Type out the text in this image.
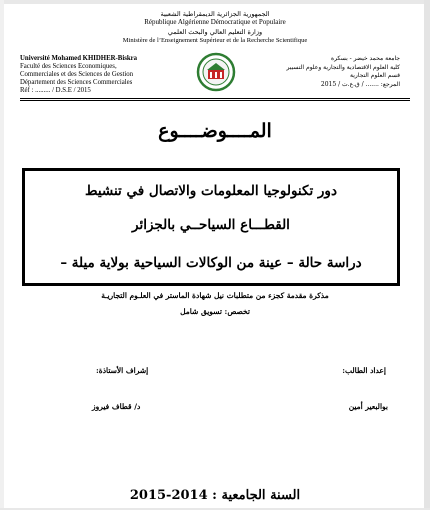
الجمهورية الجزائرية الديمقراطية الشعبية
République Algérienne Démocratique et Populaire
وزارة التعليم العالي والبحث العلمي
Ministère de l’Enseignement Supérieur et de la Recherche Scientifique
Université Mohamed KHIDHER-Biskra
Faculté des Sciences Economiques,
Commerciales et des Sciences de Gestion
Département des Sciences Commerciales
Réf : ......... / D.S.E / 2015
جامعة محمد خيضر - بسكرة
كلية العلوم الاقتصادية والتجارية وعلوم التسيير
قسم العلوم التجارية
المرجع: ....... / ق.ع.ت / 2015
المــــوضــــوع
دور تكنولوجيا المعلومات والاتصال في تنشيط
القطـــاع السياحــي بالجزائر
دراسة حالة – عينة من الوكالات السياحية بولاية ميلة –
مذكرة مقدمة كجزء من متطلبات نيل شهادة الماستر في العلـوم التجاريـة
تخصص: تسويق شامل
إعداد الطالب:
إشراف الأستاذة:
بوالبعير أمين
د/ قطاف فيروز
السنة الجامعية : 2014-2015
